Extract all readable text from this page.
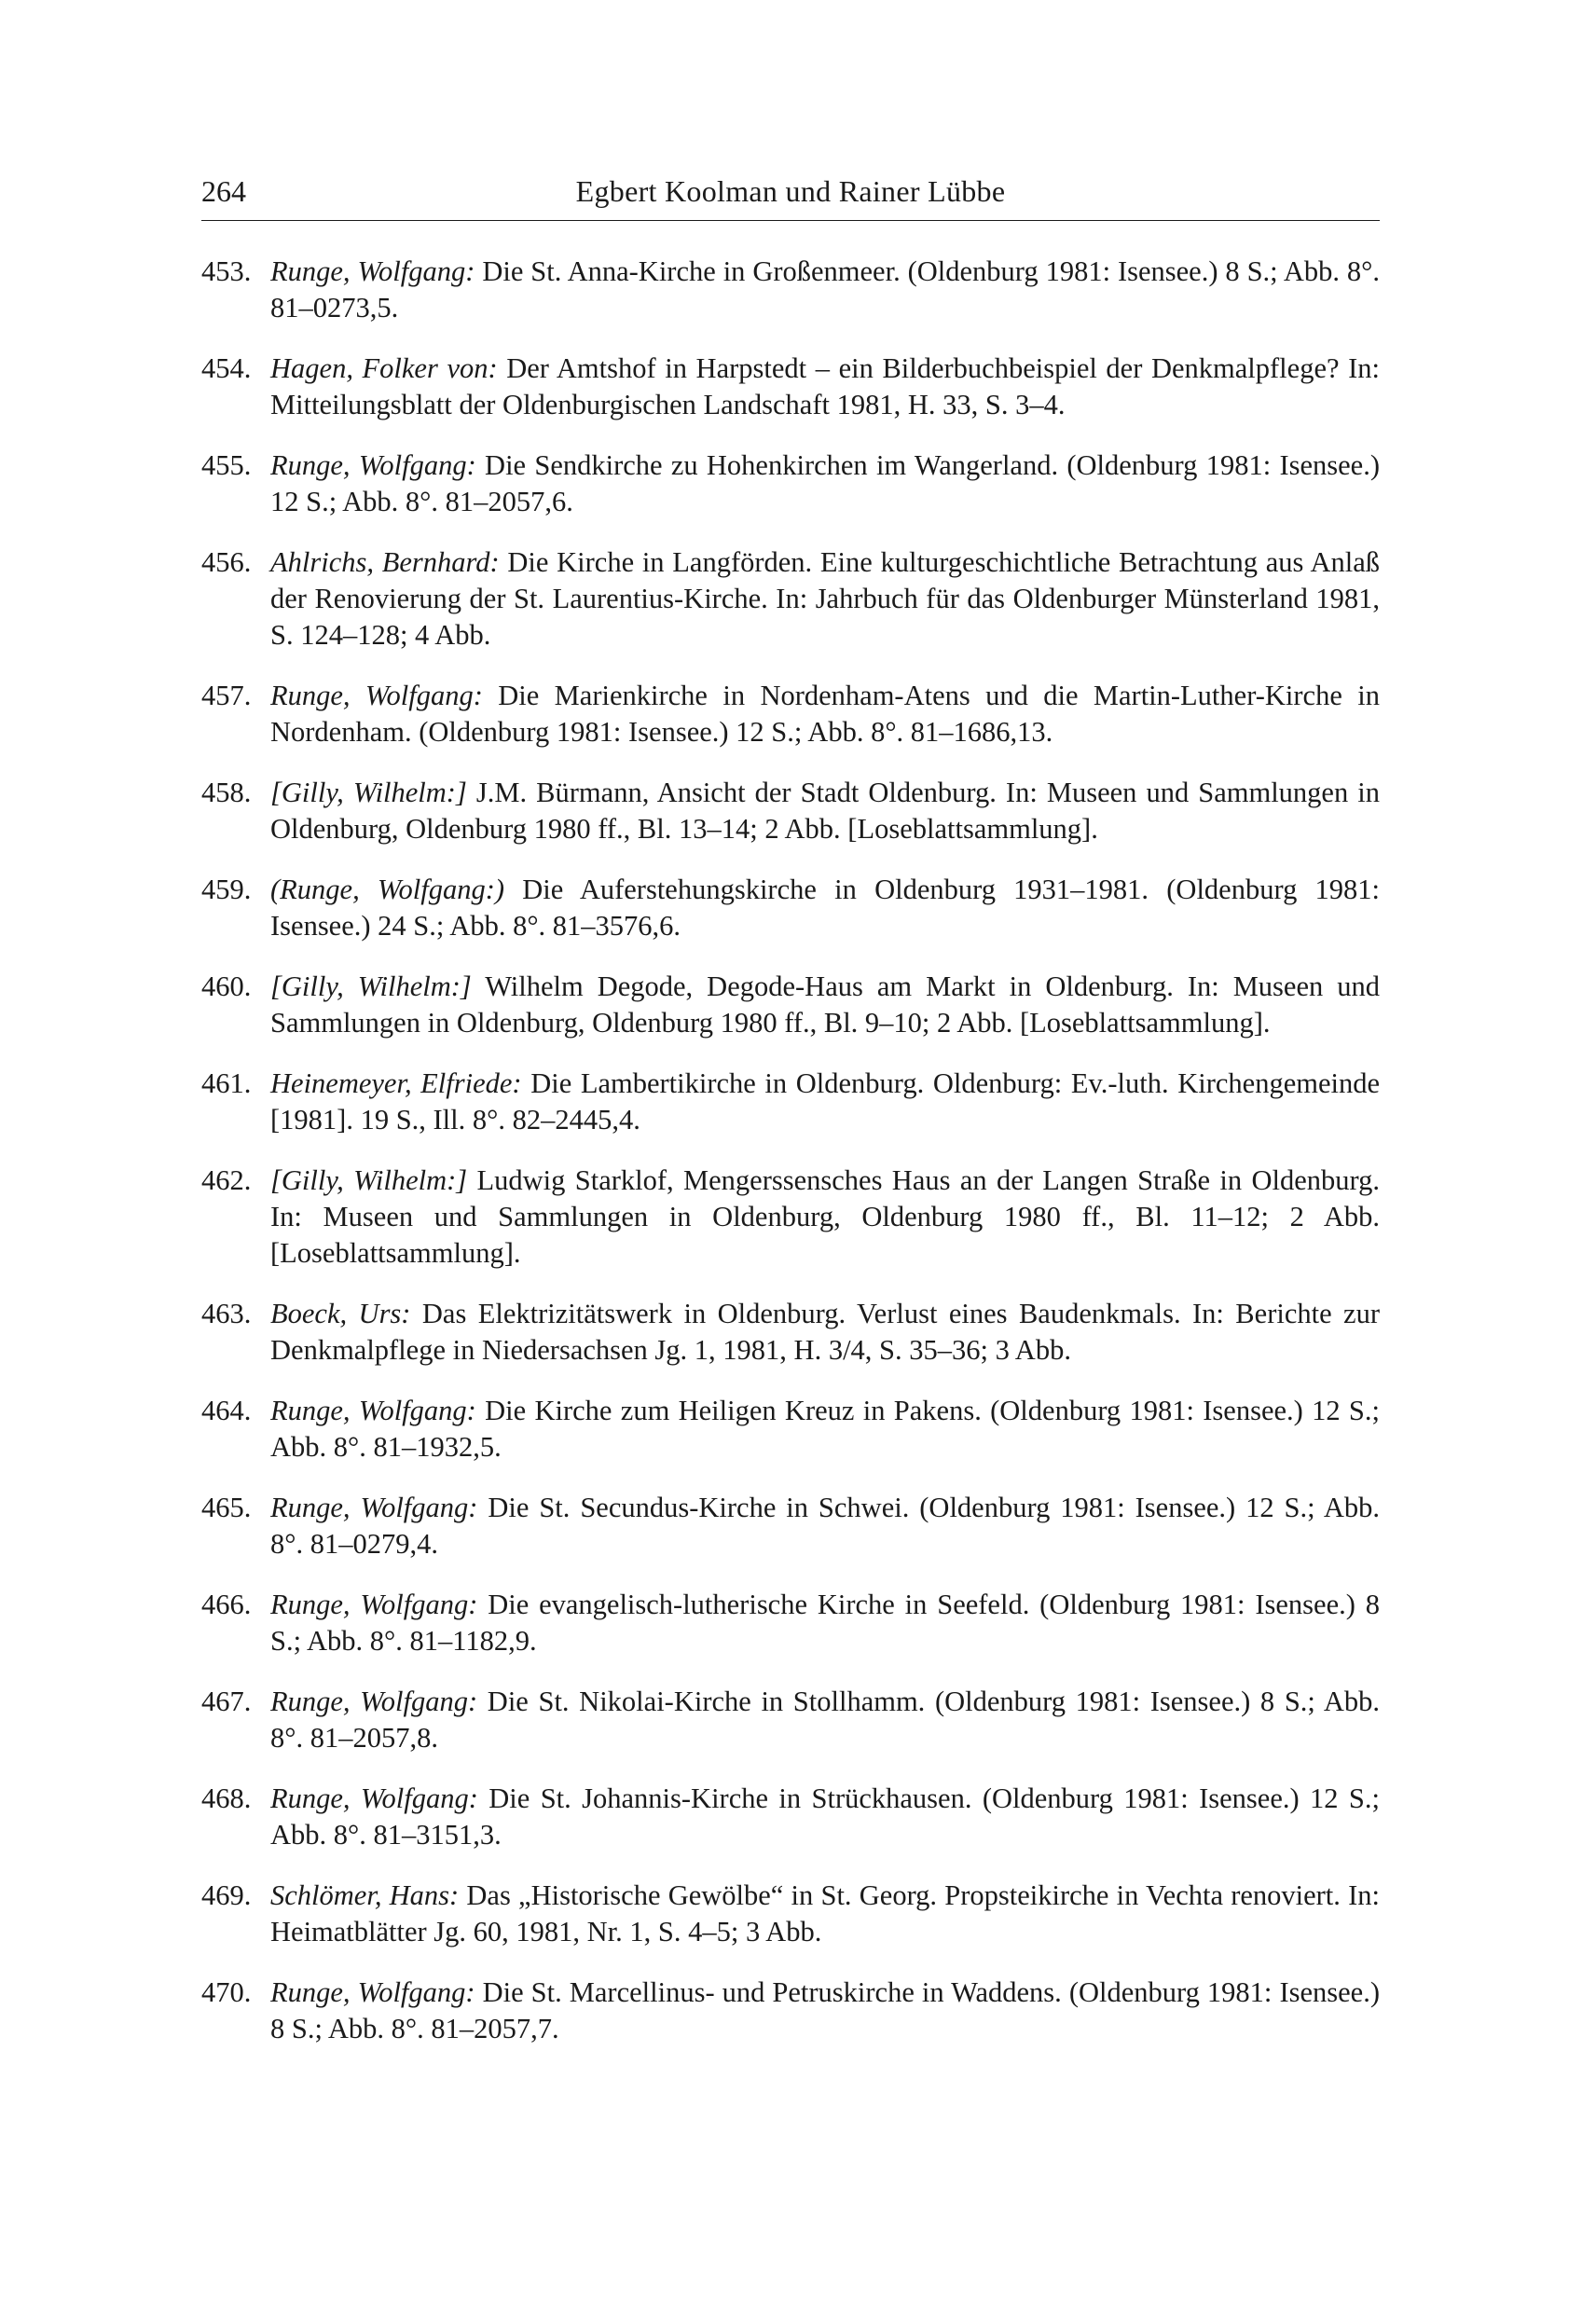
264	Egbert Koolman und Rainer Lübbe

453. Runge, Wolfgang: Die St. Anna-Kirche in Großenmeer. (Oldenburg 1981: Isensee.) 8 S.; Abb. 8°. 81–0273,5.

454. Hagen, Folker von: Der Amtshof in Harpstedt – ein Bilderbuchbeispiel der Denkmalpflege? In: Mitteilungsblatt der Oldenburgischen Landschaft 1981, H. 33, S. 3–4.

455. Runge, Wolfgang: Die Sendkirche zu Hohenkirchen im Wangerland. (Oldenburg 1981: Isensee.) 12 S.; Abb. 8°. 81–2057,6.

456. Ahlrichs, Bernhard: Die Kirche in Langförden. Eine kulturgeschichtliche Betrachtung aus Anlaß der Renovierung der St. Laurentius-Kirche. In: Jahrbuch für das Oldenburger Münsterland 1981, S. 124–128; 4 Abb.

457. Runge, Wolfgang: Die Marienkirche in Nordenham-Atens und die Martin-Luther-Kirche in Nordenham. (Oldenburg 1981: Isensee.) 12 S.; Abb. 8°. 81–1686,13.

458. [Gilly, Wilhelm:] J.M. Bürmann, Ansicht der Stadt Oldenburg. In: Museen und Sammlungen in Oldenburg, Oldenburg 1980 ff., Bl. 13–14; 2 Abb. [Loseblattsammlung].

459. (Runge, Wolfgang:) Die Auferstehungskirche in Oldenburg 1931–1981. (Oldenburg 1981: Isensee.) 24 S.; Abb. 8°. 81–3576,6.

460. [Gilly, Wilhelm:] Wilhelm Degode, Degode-Haus am Markt in Oldenburg. In: Museen und Sammlungen in Oldenburg, Oldenburg 1980 ff., Bl. 9–10; 2 Abb. [Loseblattsammlung].

461. Heinemeyer, Elfriede: Die Lambertikirche in Oldenburg. Oldenburg: Ev.-luth. Kirchengemeinde [1981]. 19 S., Ill. 8°. 82–2445,4.

462. [Gilly, Wilhelm:] Ludwig Starklof, Mengerssensches Haus an der Langen Straße in Oldenburg. In: Museen und Sammlungen in Oldenburg, Oldenburg 1980 ff., Bl. 11–12; 2 Abb. [Loseblattsammlung].

463. Boeck, Urs: Das Elektrizitätswerk in Oldenburg. Verlust eines Baudenkmals. In: Berichte zur Denkmalpflege in Niedersachsen Jg. 1, 1981, H. 3/4, S. 35–36; 3 Abb.

464. Runge, Wolfgang: Die Kirche zum Heiligen Kreuz in Pakens. (Oldenburg 1981: Isensee.) 12 S.; Abb. 8°. 81–1932,5.

465. Runge, Wolfgang: Die St. Secundus-Kirche in Schwei. (Oldenburg 1981: Isensee.) 12 S.; Abb. 8°. 81–0279,4.

466. Runge, Wolfgang: Die evangelisch-lutherische Kirche in Seefeld. (Oldenburg 1981: Isensee.) 8 S.; Abb. 8°. 81–1182,9.

467. Runge, Wolfgang: Die St. Nikolai-Kirche in Stollhamm. (Oldenburg 1981: Isensee.) 8 S.; Abb. 8°. 81–2057,8.

468. Runge, Wolfgang: Die St. Johannis-Kirche in Strückhausen. (Oldenburg 1981: Isensee.) 12 S.; Abb. 8°. 81–3151,3.

469. Schlömer, Hans: Das „Historische Gewölbe“ in St. Georg. Propsteikirche in Vechta renoviert. In: Heimatblätter Jg. 60, 1981, Nr. 1, S. 4–5; 3 Abb.

470. Runge, Wolfgang: Die St. Marcellinus- und Petruskirche in Waddens. (Oldenburg 1981: Isensee.) 8 S.; Abb. 8°. 81–2057,7.
